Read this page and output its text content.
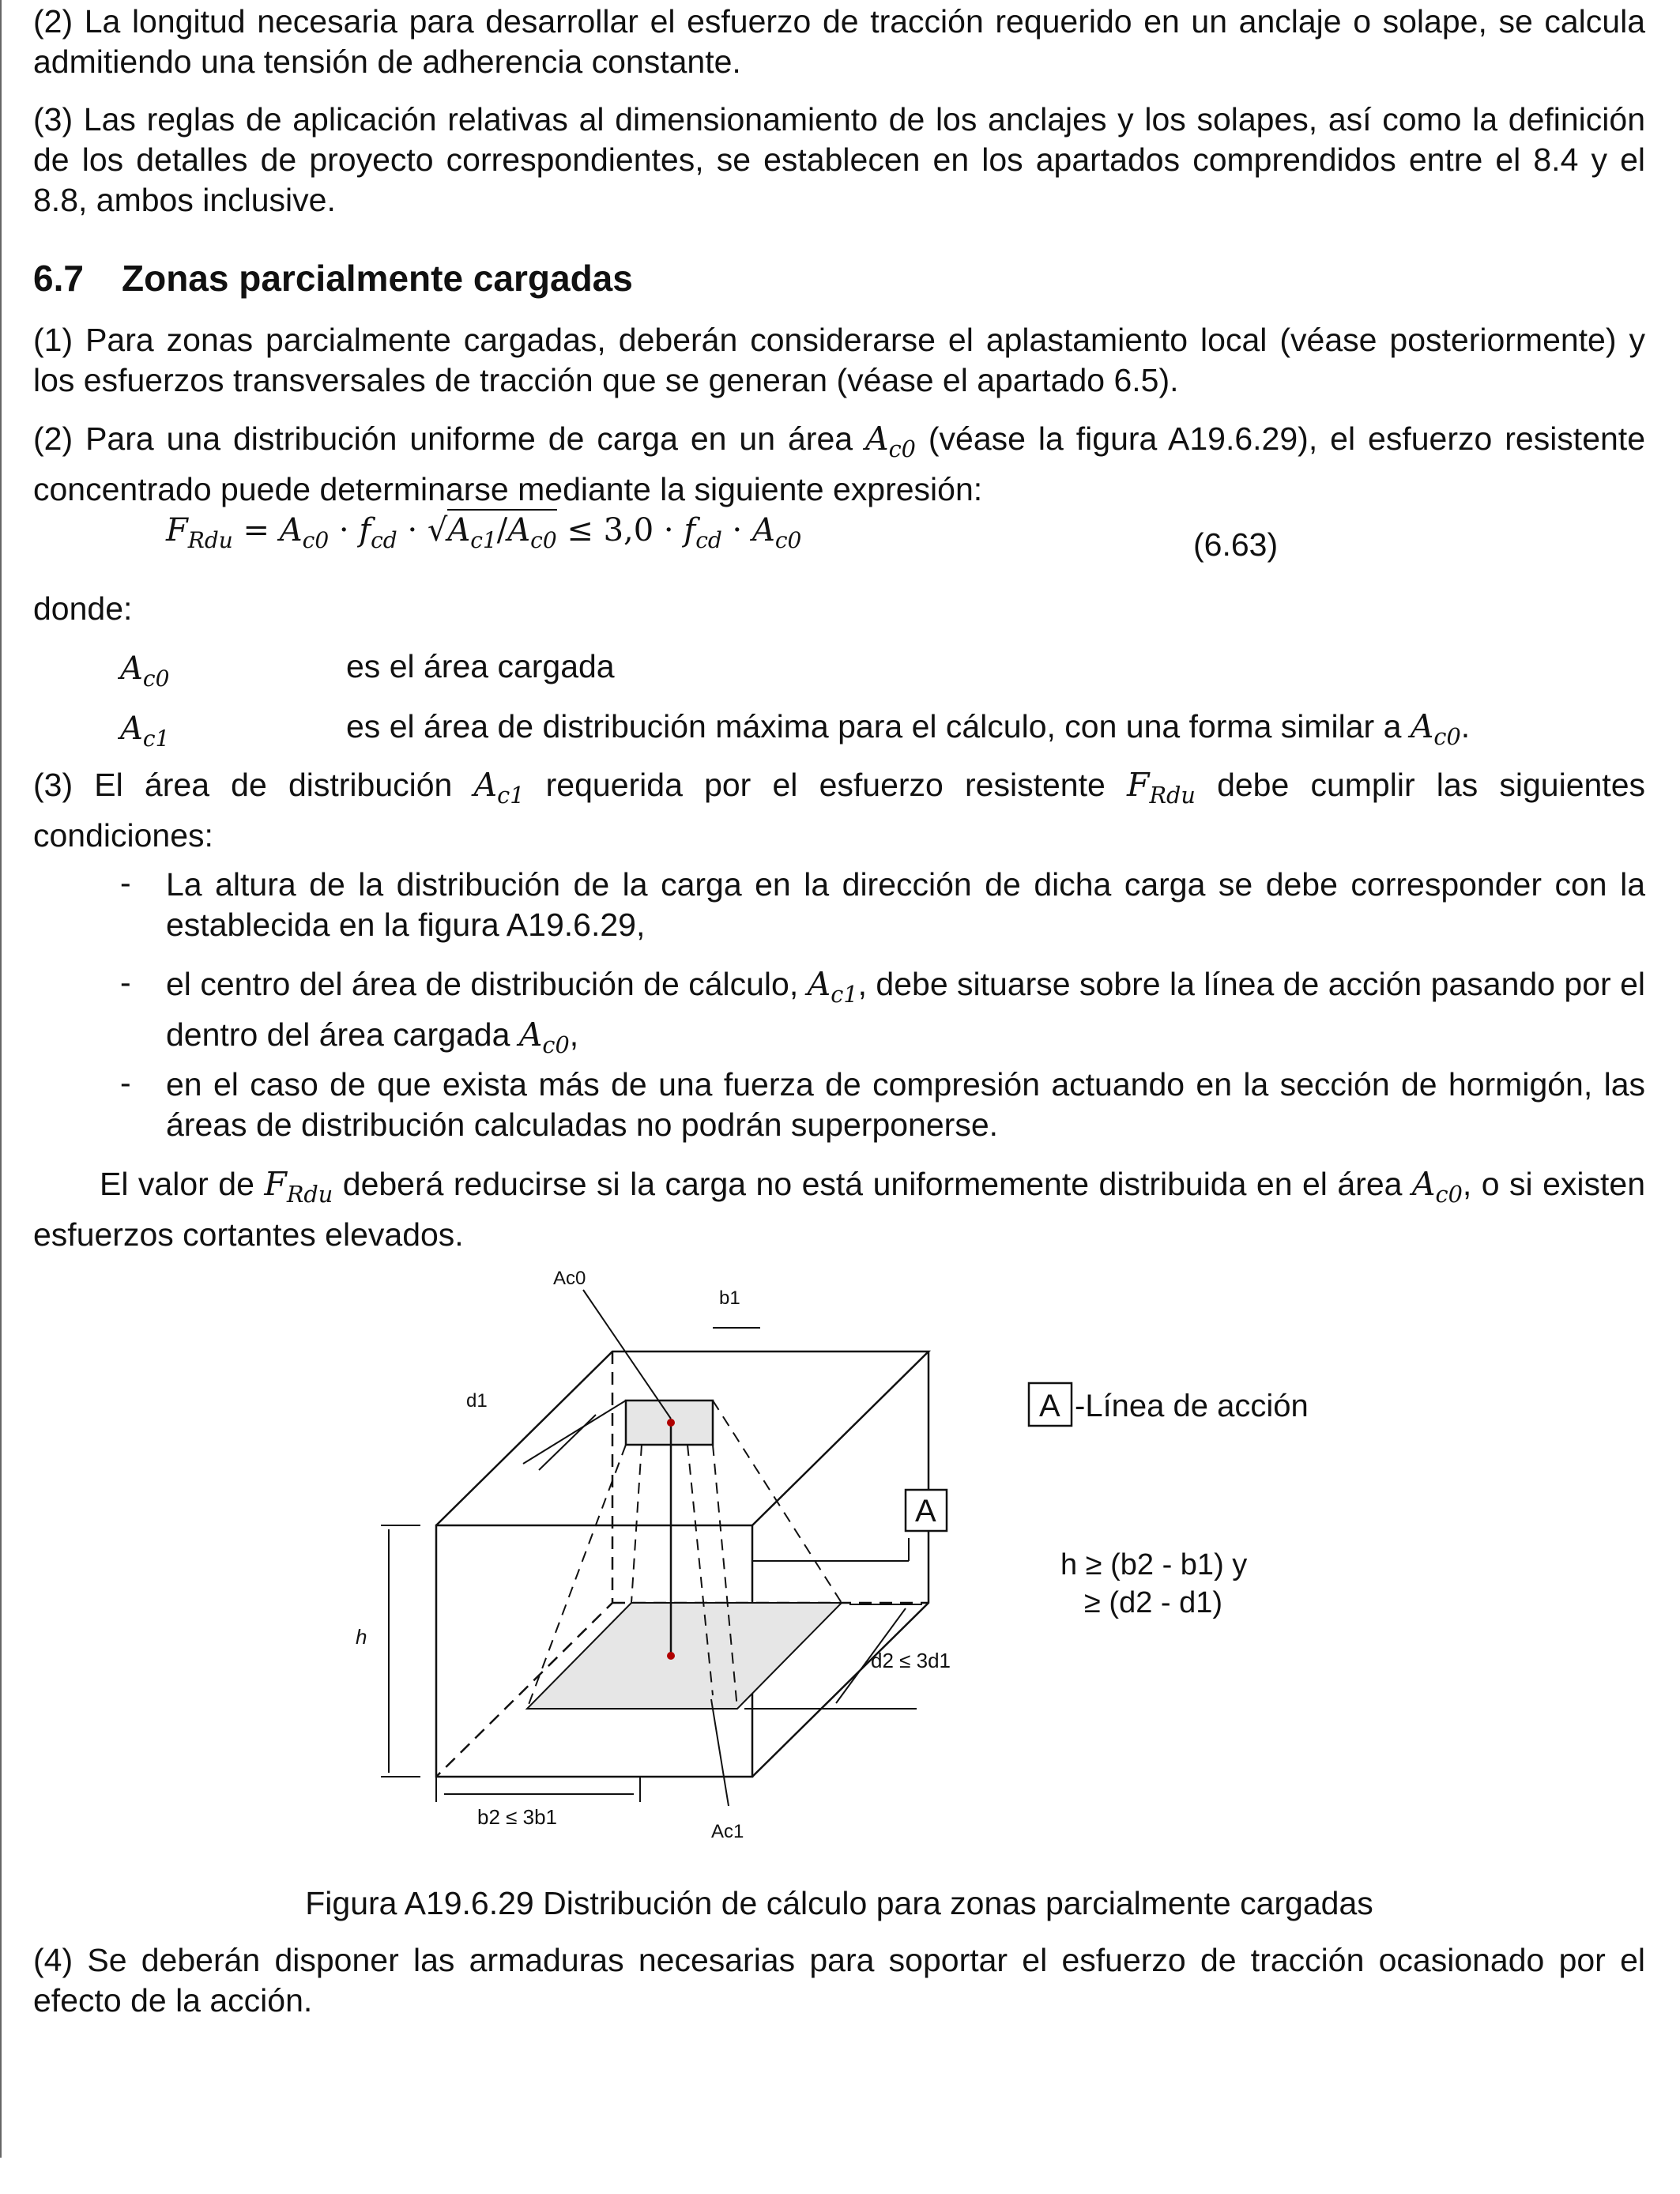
(2) La longitud necesaria para desarrollar el esfuerzo de tracción requerido en un anclaje o solape, se calcula admitiendo una tensión de adherencia constante.

(3) Las reglas de aplicación relativas al dimensionamiento de los anclajes y los solapes, así como la definición de los detalles de proyecto correspondientes, se establecen en los apartados comprendidos entre el 8.4 y el 8.8, ambos inclusive.

6.7 Zonas parcialmente cargadas

(1) Para zonas parcialmente cargadas, deberán considerarse el aplastamiento local (véase posteriormente) y los esfuerzos transversales de tracción que se generan (véase el apartado 6.5).

(2) Para una distribución uniforme de carga en un área $A_{c0}$ (véase la figura A19.6.29), el esfuerzo resistente concentrado puede determinarse mediante la siguiente expresión:

$F_{Rdu} = A_{c0} \cdot f_{cd} \cdot √A_{c1}/A_{c0} \le 3,0 \cdot f_{cd} \cdot A_{c0}$	(6.63)
donde:
$A_{c0}$	es el área cargada
$A_{c1}$	es el área de distribución máxima para el cálculo, con una forma similar a $A_{c0}$.

(3) El área de distribución $A_{c1}$ requerida por el esfuerzo resistente $F_{Rdu}$ debe cumplir las siguientes condiciones:

- La altura de la distribución de la carga en la dirección de dicha carga se debe corresponder con la establecida en la figura A19.6.29,
- el centro del área de distribución de cálculo, $A_{c1}$, debe situarse sobre la línea de acción pasando por el dentro del área cargada $A_{c0}$,
- en el caso de que exista más de una fuerza de compresión actuando en la sección de hormigón, las áreas de distribución calculadas no podrán superponerse.

El valor de $F_{Rdu}$ deberá reducirse si la carga no está uniformemente distribuida en el área $A_{c0}$, o si existen esfuerzos cortantes elevados.

Ac0
b1
d1
h
d2 ≤ 3d1
b2 ≤ 3b1
Ac1
A
A -Línea de acción
h ≥ (b2 - b1) y
≥ (d2 - d1)
Figura A19.6.29 Distribución de cálculo para zonas parcialmente cargadas

(4) Se deberán disponer las armaduras necesarias para soportar el esfuerzo de tracción ocasionado por el efecto de la acción.
